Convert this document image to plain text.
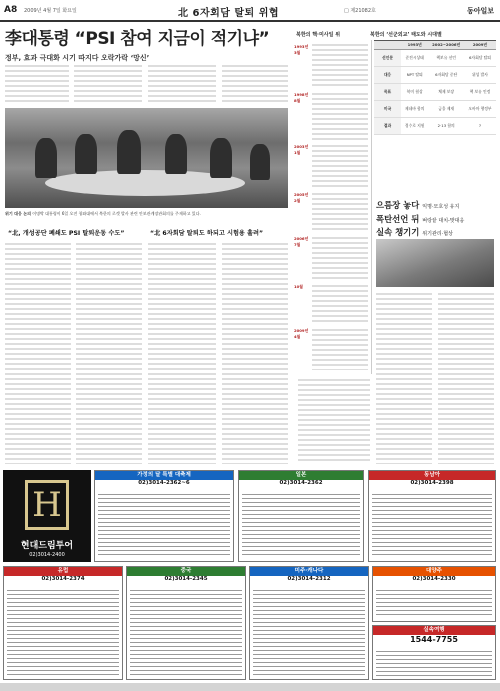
A8 2009년 4월 7일 화요일	北 6자회담 탈퇴 위협	□ 제21082호	동아일보
李대통령 “PSI 참여 지금이 적기냐”
정부, 효과 극대화 시기 따지다 오락가락 ‘망신’
위기 대응 논의 이명박 대통령이 6일 오전 청와대에서 북한의 로켓 발사 관련 안보관계장관회의를 주재하고 있다.
“北, 개성공단 폐쇄도 PSI 탈퇴운동 수도”	“北 6자회담 탈퇴도 하되고 시험용 흘려”
북한의 핵·미사일 위	북한의 ‘선군외교’ 태도와 시대별
1993년 3월
1998년 8월
2003년 1월
2005년 2월
2006년 7월
10월
2009년 4월
	1993년	2002~2006년	2009년
선언문	준전시상태	핵보유 선언	6자회담 탈퇴
대응	NPT 탈퇴	6자회담 중단	위성 발사
목표	북미 협상	체제 보장	핵 보유 인정
미국	제네바 합의	금융 제재	오바마 행정부
결과	경수로 지원	2·13 합의	?
으름장 놓다 익명·모호성 유지
폭탄선언 뒤 벼랑끝 대치-맞대응
실속 챙기기 위기관리·협상
H
현대드림투어
02)3014-2400
가정의 달 특별 대축제
02)3014-2362~6
일본
02)3014-2362
동남아
02)3014-2398
유럽
02)3014-2374
중국
02)3014-2345
미주·캐나다
02)3014-2312
대양주
02)3014-2330
실속여행
1544-7755
